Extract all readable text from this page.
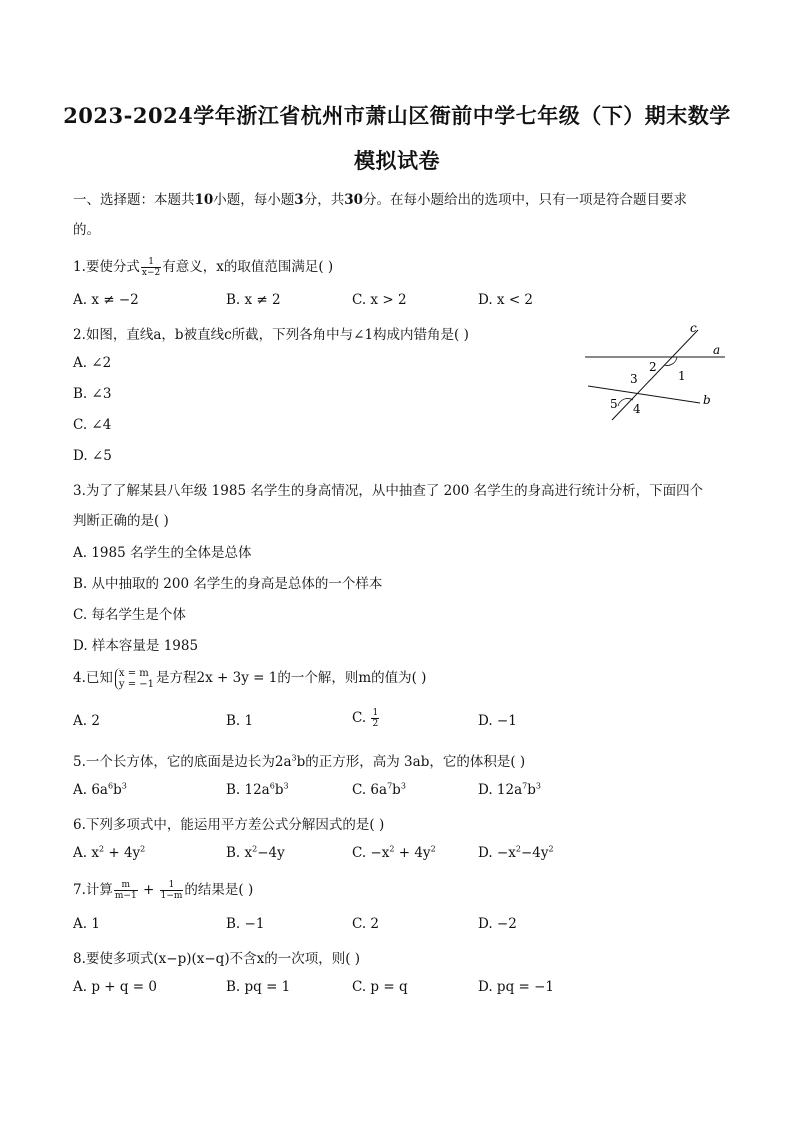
2023-2024学年浙江省杭州市萧山区衙前中学七年级（下）期末数学
模拟试卷
一、选择题：本题共10小题，每小题3分，共30分。在每小题给出的选项中，只有一项是符合题目要求
的。
1.要使分式 $\frac{1}{x-2}$ 有意义，x的取值范围满足( )
A. x ≠ −2	B. x ≠ 2	C. x > 2	D. x < 2
2.如图，直线a，b被直线c所截，下列各角中与∠1构成内错角是( )
A. ∠2
B. ∠3
C. ∠4
D. ∠5
c
a
b
1
2
3
4
5
3.为了了解某县八年级 1985 名学生的身高情况，从中抽查了 200 名学生的身高进行统计分析，下面四个
判断正确的是( )
A. 1985 名学生的全体是总体
B. 从中抽取的 200 名学生的身高是总体的一个样本
C. 每名学生是个体
D. 样本容量是 1985
4.已知 x = m
y = −1 是方程2x + 3y = 1的一个解，则m的值为( )
A. 2	B. 1	C. $\frac{1}{2}$	D. −1
5.一个长方体，它的底面是边长为$2a^3b$的正方形，高为 3ab，它的体积是( )
A. $6a^6b^3$	B. $12a^6b^3$	C. $6a^7b^3$	D. $12a^7b^3$
6.下列多项式中，能运用平方差公式分解因式的是( )
A. $x^2 + 4y^2$	B. $x^2-4y$	C. $-x^2 + 4y^2$	D. $-x^2-4y^2$
7.计算 $\frac{m}{m-1} + \frac{1}{1-m}$ 的结果是( )
A. 1	B. −1	C. 2	D. −2
8.要使多项式(x−p)(x−q)不含x的一次项，则( )
A. p + q = 0	B. pq = 1	C. p = q	D. pq = −1
